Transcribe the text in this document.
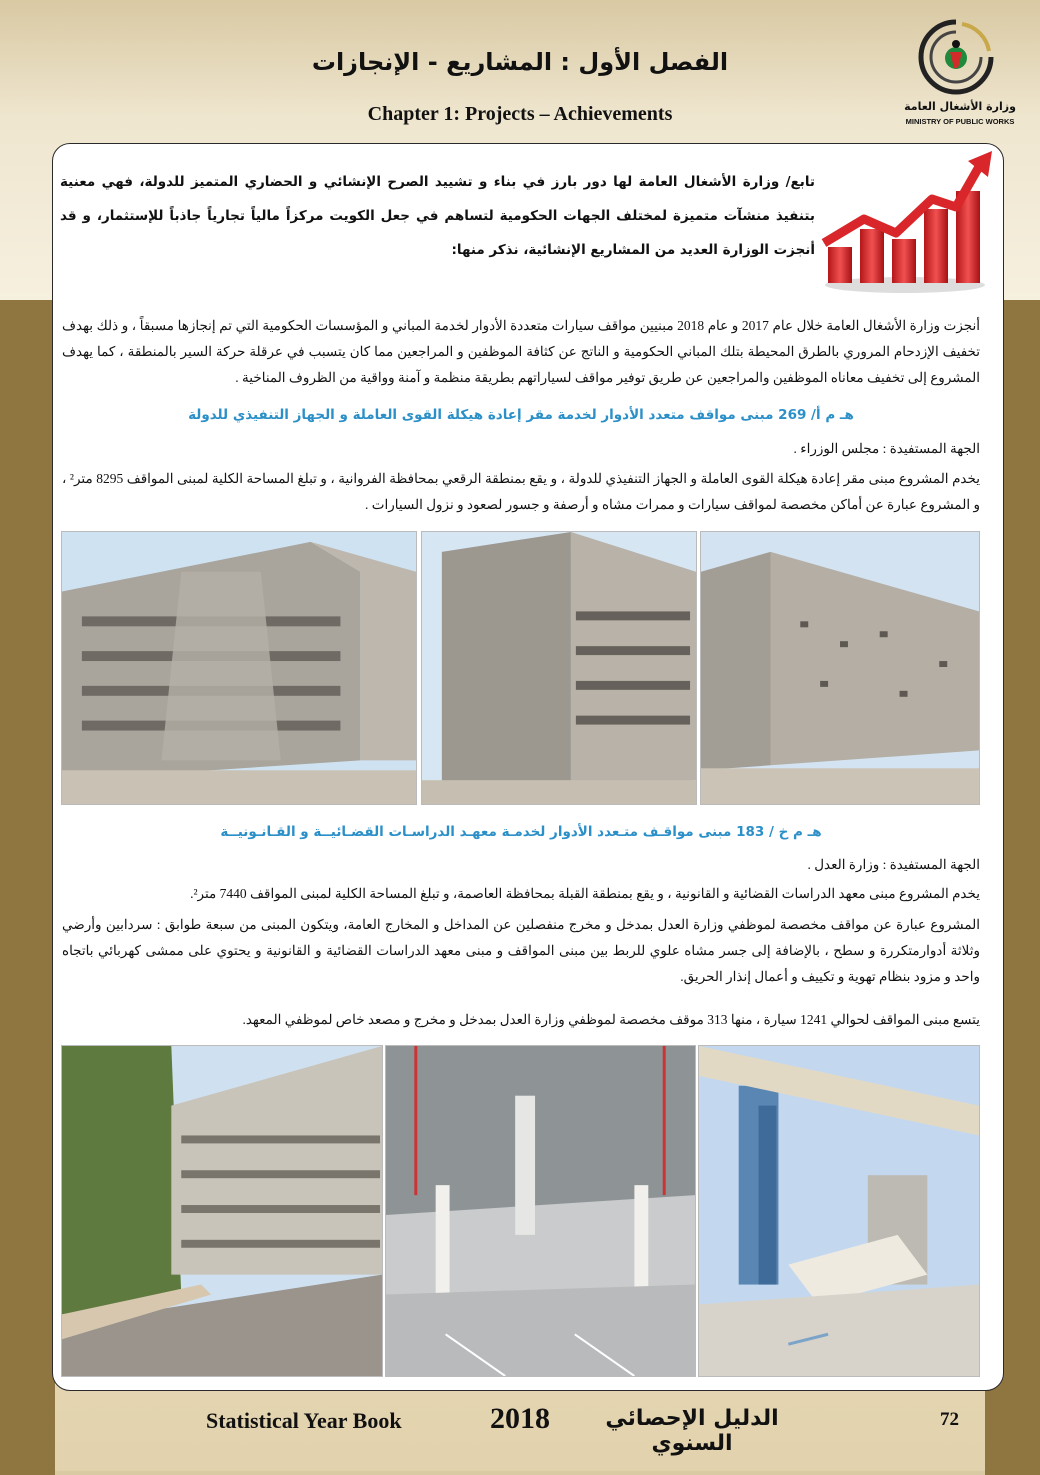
الفصل الأول : المشاريع - الإنجازات
Chapter 1: Projects – Achievements	وزارة الأشغال العامة
MINISTRY OF PUBLIC WORKS
تابع/ وزارة الأشغال العامة لها دور بارز في بناء و تشييد الصرح الإنشائي و الحضاري المتميز للدولة، فهي معنية بتنفيذ منشآت متميزة لمختلف الجهات الحكومية لتساهم في جعل الكويت مركزاً مالياً تجارياً جاذباً للإستثمار، و قد أنجزت الوزارة العديد من المشاريع الإنشائية، نذكر منها:
أنجزت وزارة الأشغال العامة خلال عام 2017 و عام 2018 مبنيين مواقف سيارات متعددة الأدوار لخدمة المباني و المؤسسات الحكومية التي تم إنجازها مسبقاً ، و ذلك بهدف تخفيف الإزدحام المروري بالطرق المحيطة بتلك المباني الحكومية و الناتج عن كثافة الموظفين و المراجعين مما كان يتسبب في عرقلة حركة السير بالمنطقة ، كما يهدف المشروع إلى تخفيف معاناه الموظفين والمراجعين عن طريق توفير مواقف لسياراتهم بطريقة منظمة و آمنة وواقية من الظروف المناخية .
هـ م أ/ 269 مبنى مواقف متعدد الأدوار لخدمة مقر إعادة هيكلة القوى العاملة و الجهاز التنفيذي للدولة
الجهة المستفيدة : مجلس الوزراء .
يخدم المشروع مبنى مقر إعادة هيكلة القوى العاملة و الجهاز التنفيذي للدولة ، و يقع بمنطقة الرقعي بمحافظة الفروانية ، و تبلغ المساحة الكلية لمبنى المواقف 8295 متر² ، و المشروع عبارة عن أماكن مخصصة لمواقف سيارات و ممرات مشاه و أرصفة و جسور لصعود و نزول السيارات .
هـ م خ / 183 مبنى مواقـف متـعدد الأدوار لخدمـة معهـد الدراسـات القضـائيــة و القـانـونيــة
الجهة المستفيدة : وزارة العدل .
يخدم المشروع مبنى معهد الدراسات القضائية و القانونية ، و يقع بمنطقة القبلة بمحافظة العاصمة، و تبلغ المساحة الكلية لمبنى المواقف 7440 متر².
المشروع عبارة عن مواقف مخصصة لموظفي وزارة العدل بمدخل و مخرج منفصلين عن المداخل و المخارج العامة، ويتكون المبنى من سبعة طوابق : سردابين وأرضي وثلاثة أدوارمتكررة و سطح ، بالإضافة إلى جسر مشاه علوي للربط بين مبنى المواقف و مبنى معهد الدراسات القضائية و القانونية و يحتوي على ممشى كهربائي باتجاه واحد و مزود بنظام تهوية و تكييف و أعمال إنذار الحريق.
يتسع مبنى المواقف لحوالي 1241 سيارة ، منها 313 موقف مخصصة لموظفي وزارة العدل بمدخل و مخرج و مصعد خاص لموظفي المعهد.
Statistical Year Book	2018	الدليل الإحصائي السنوي
72
